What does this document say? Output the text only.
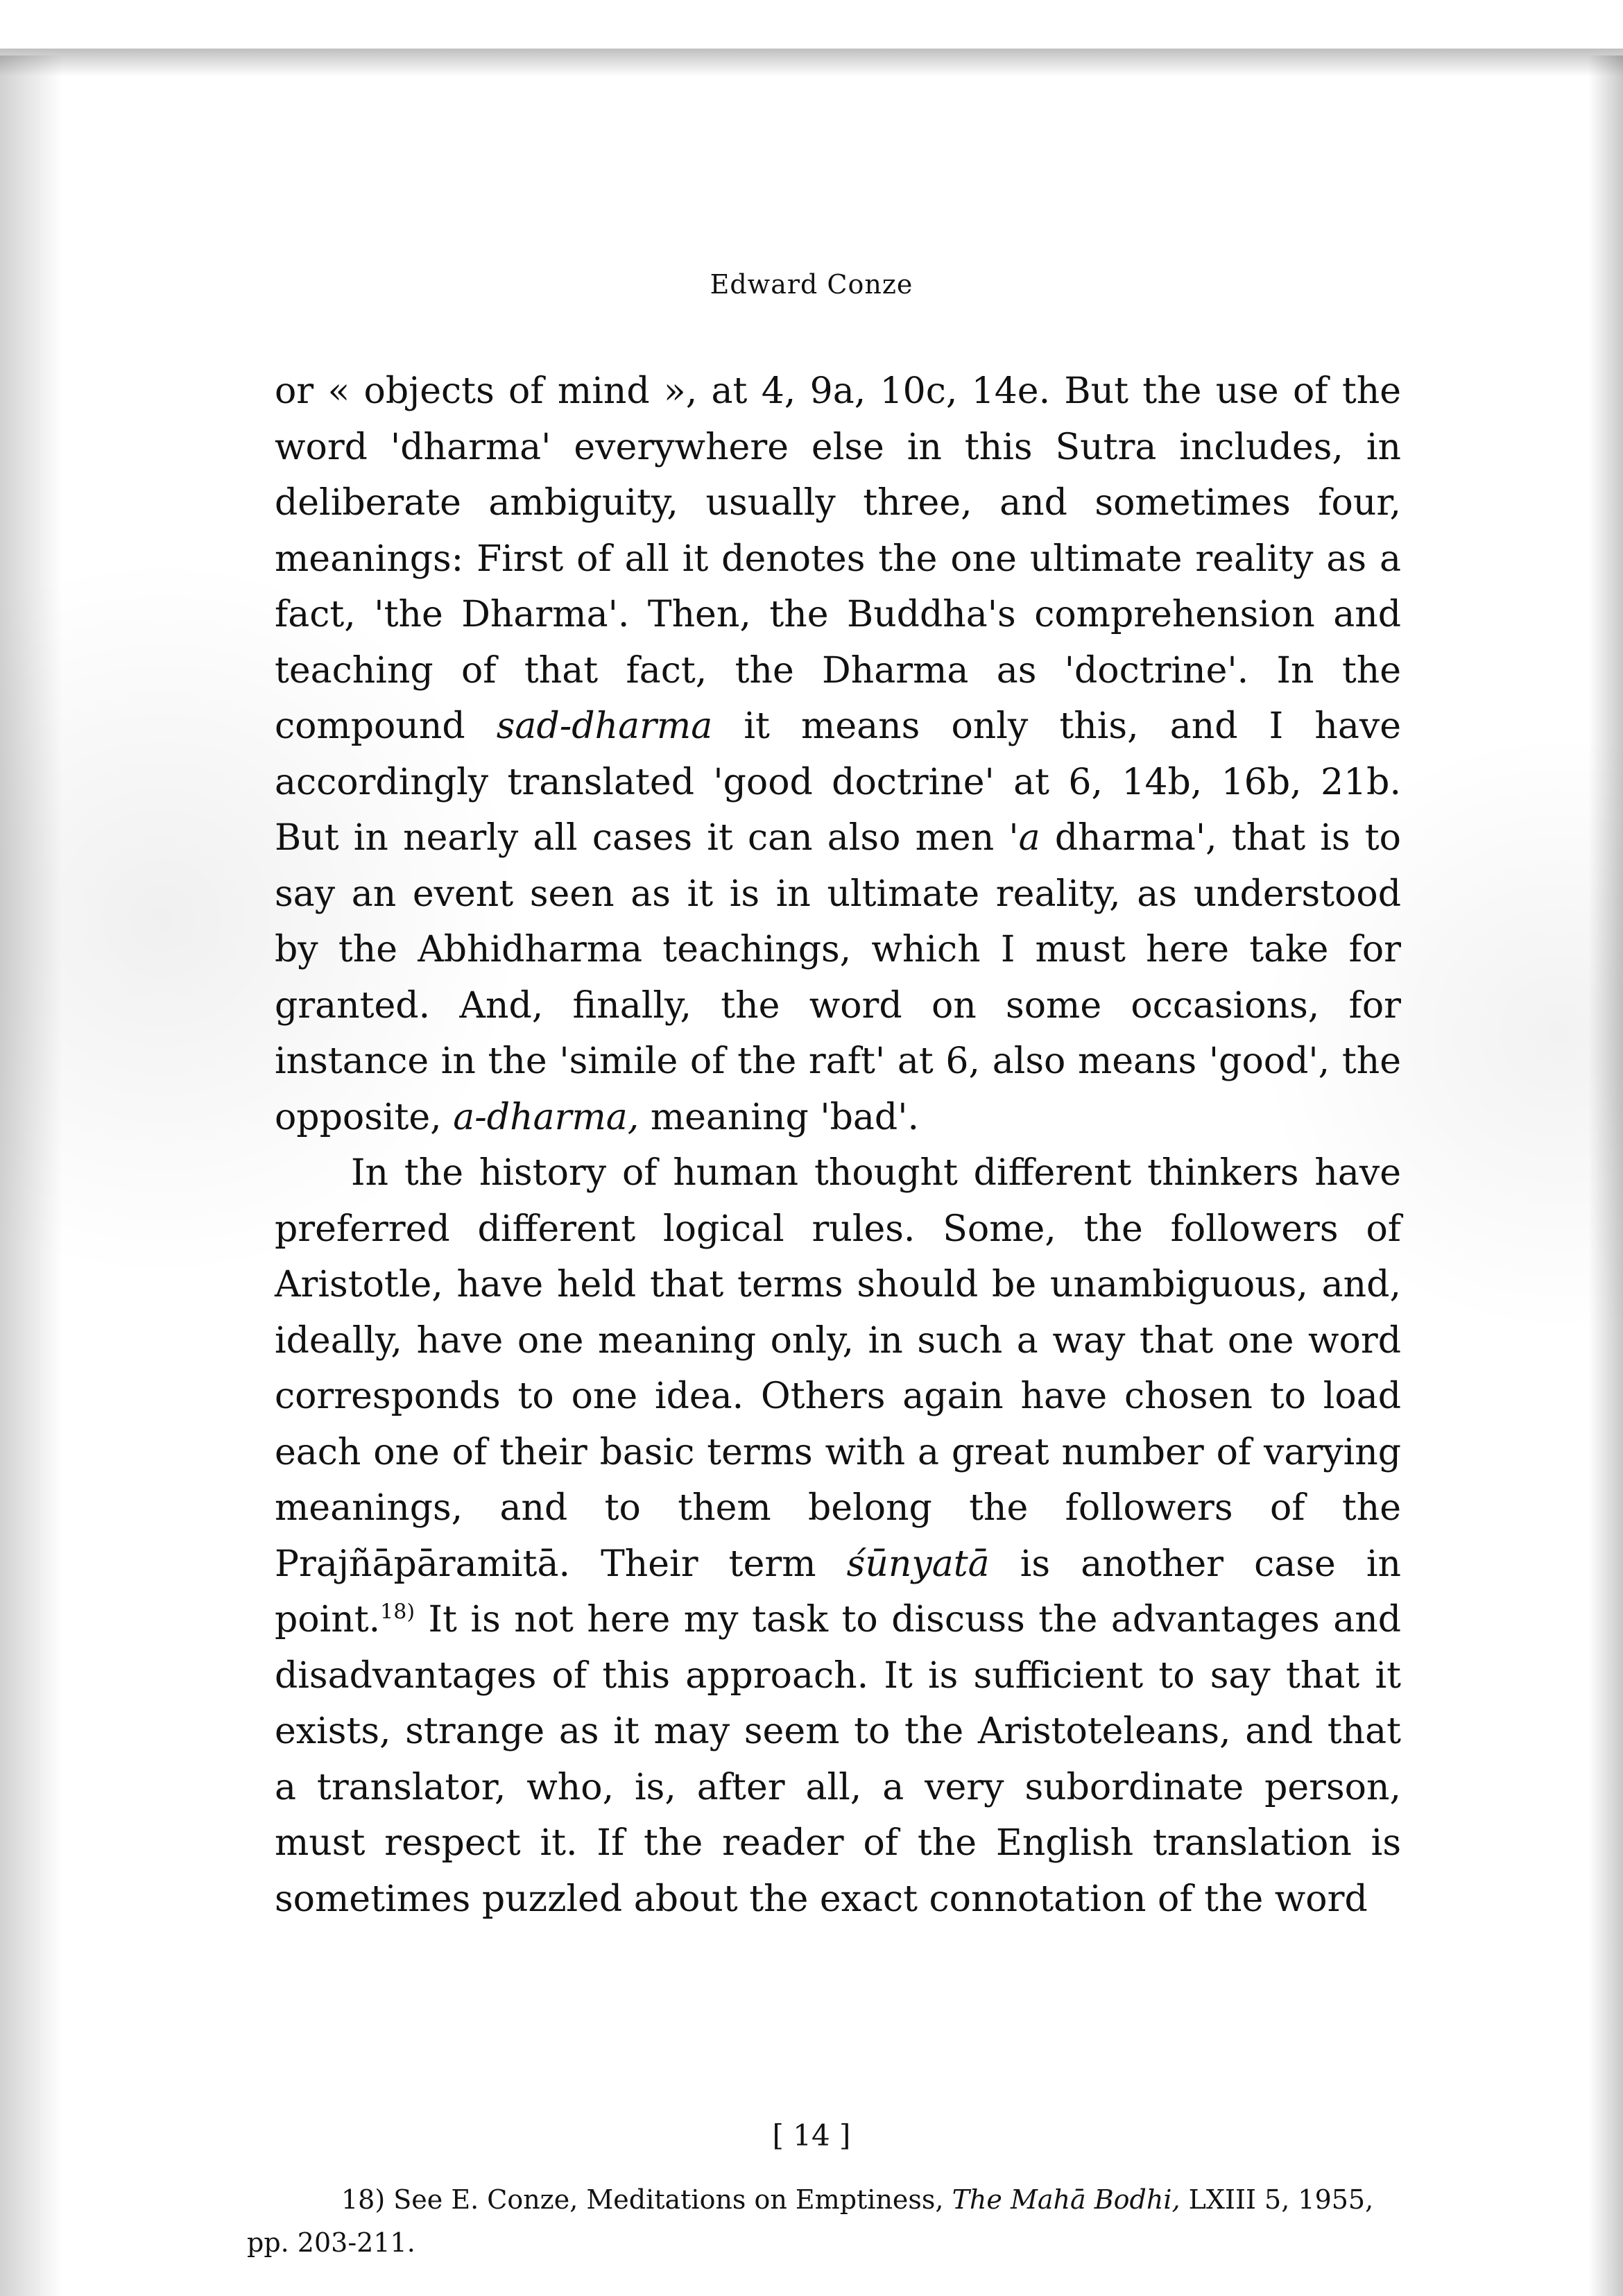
Edward Conze

or « objects of mind », at 4, 9a, 10c, 14e. But the use of the word 'dharma' everywhere else in this Sutra includes, in deliberate ambiguity, usually three, and sometimes four, meanings: First of all it denotes the one ultimate reality as a fact, 'the Dharma'. Then, the Buddha's comprehension and teaching of that fact, the Dharma as 'doctrine'. In the compound sad-dharma it means only this, and I have accordingly translated 'good doctrine' at 6, 14b, 16b, 21b. But in nearly all cases it can also men 'a dharma', that is to say an event seen as it is in ultimate reality, as understood by the Abhidharma teachings, which I must here take for granted. And, finally, the word on some occasions, for instance in the 'simile of the raft' at 6, also means 'good', the opposite, a-dharma, meaning 'bad'.

In the history of human thought different thinkers have preferred different logical rules. Some, the followers of Aristotle, have held that terms should be unambiguous, and, ideally, have one meaning only, in such a way that one word corresponds to one idea. Others again have chosen to load each one of their basic terms with a great number of varying meanings, and to them belong the followers of the Prajñāpāramitā. Their term śūnyatā is another case in point.$^{18)}$ It is not here my task to discuss the advantages and disadvantages of this approach. It is sufficient to say that it exists, strange as it may seem to the Aristoteleans, and that a translator, who, is, after all, a very subordinate person, must respect it. If the reader of the English translation is sometimes puzzled about the exact connotation of the word

18) See E. Conze, Meditations on Emptiness, The Mahā Bodhi, LXIII 5, 1955, pp. 203-211.
[ 14 ]
